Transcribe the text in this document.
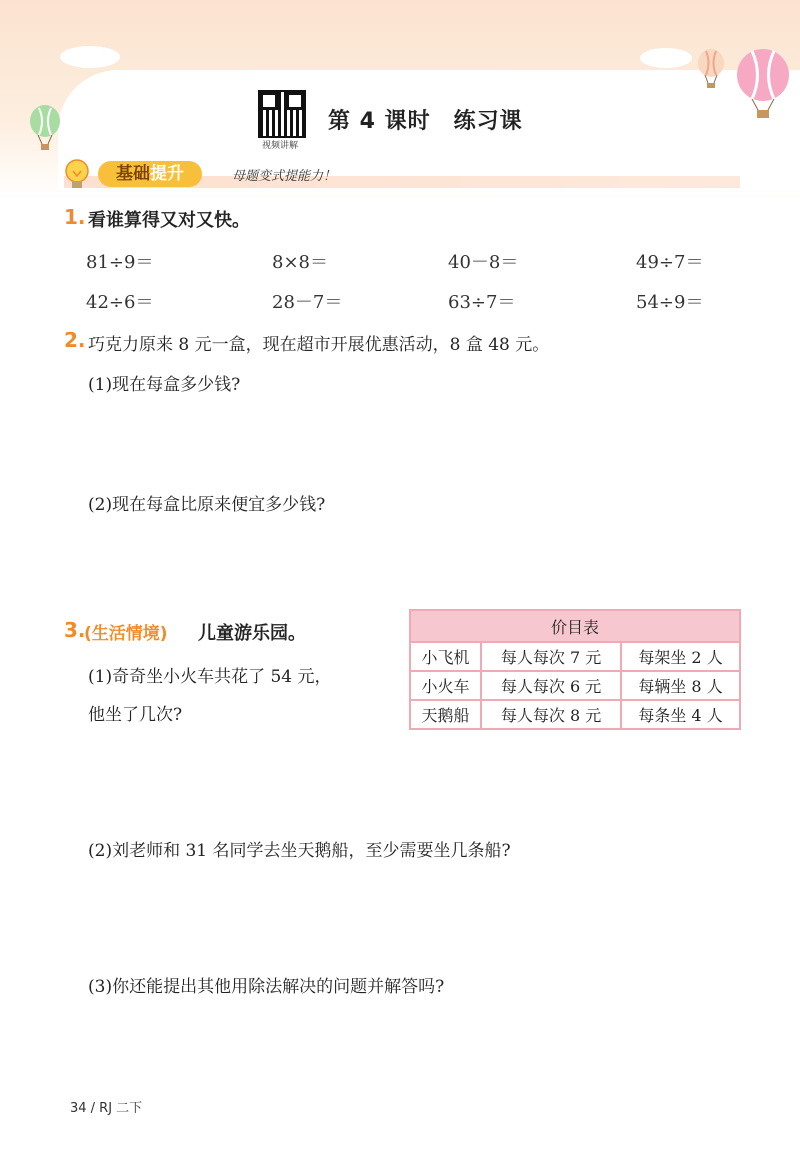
视频讲解
第 4 课时　练习课
基础提升	母题变式提能力！
1. 看谁算得又对又快。
81÷9＝	8×8＝	40－8＝	49÷7＝
42÷6＝	28－7＝	63÷7＝	54÷9＝
2. 巧克力原来 8 元一盒，现在超市开展优惠活动，8 盒 48 元。
(1)现在每盒多少钱?
(2)现在每盒比原来便宜多少钱?
3.
(生活情境) 儿童游乐园。
(1)奇奇坐小火车共花了 54 元，
他坐了几次?
价目表		
小飞机	每人每次 7 元	每架坐 2 人
小火车	每人每次 6 元	每辆坐 8 人
天鹅船	每人每次 8 元	每条坐 4 人
(2)刘老师和 31 名同学去坐天鹅船，至少需要坐几条船?
(3)你还能提出其他用除法解决的问题并解答吗?
34 / RJ 二下
